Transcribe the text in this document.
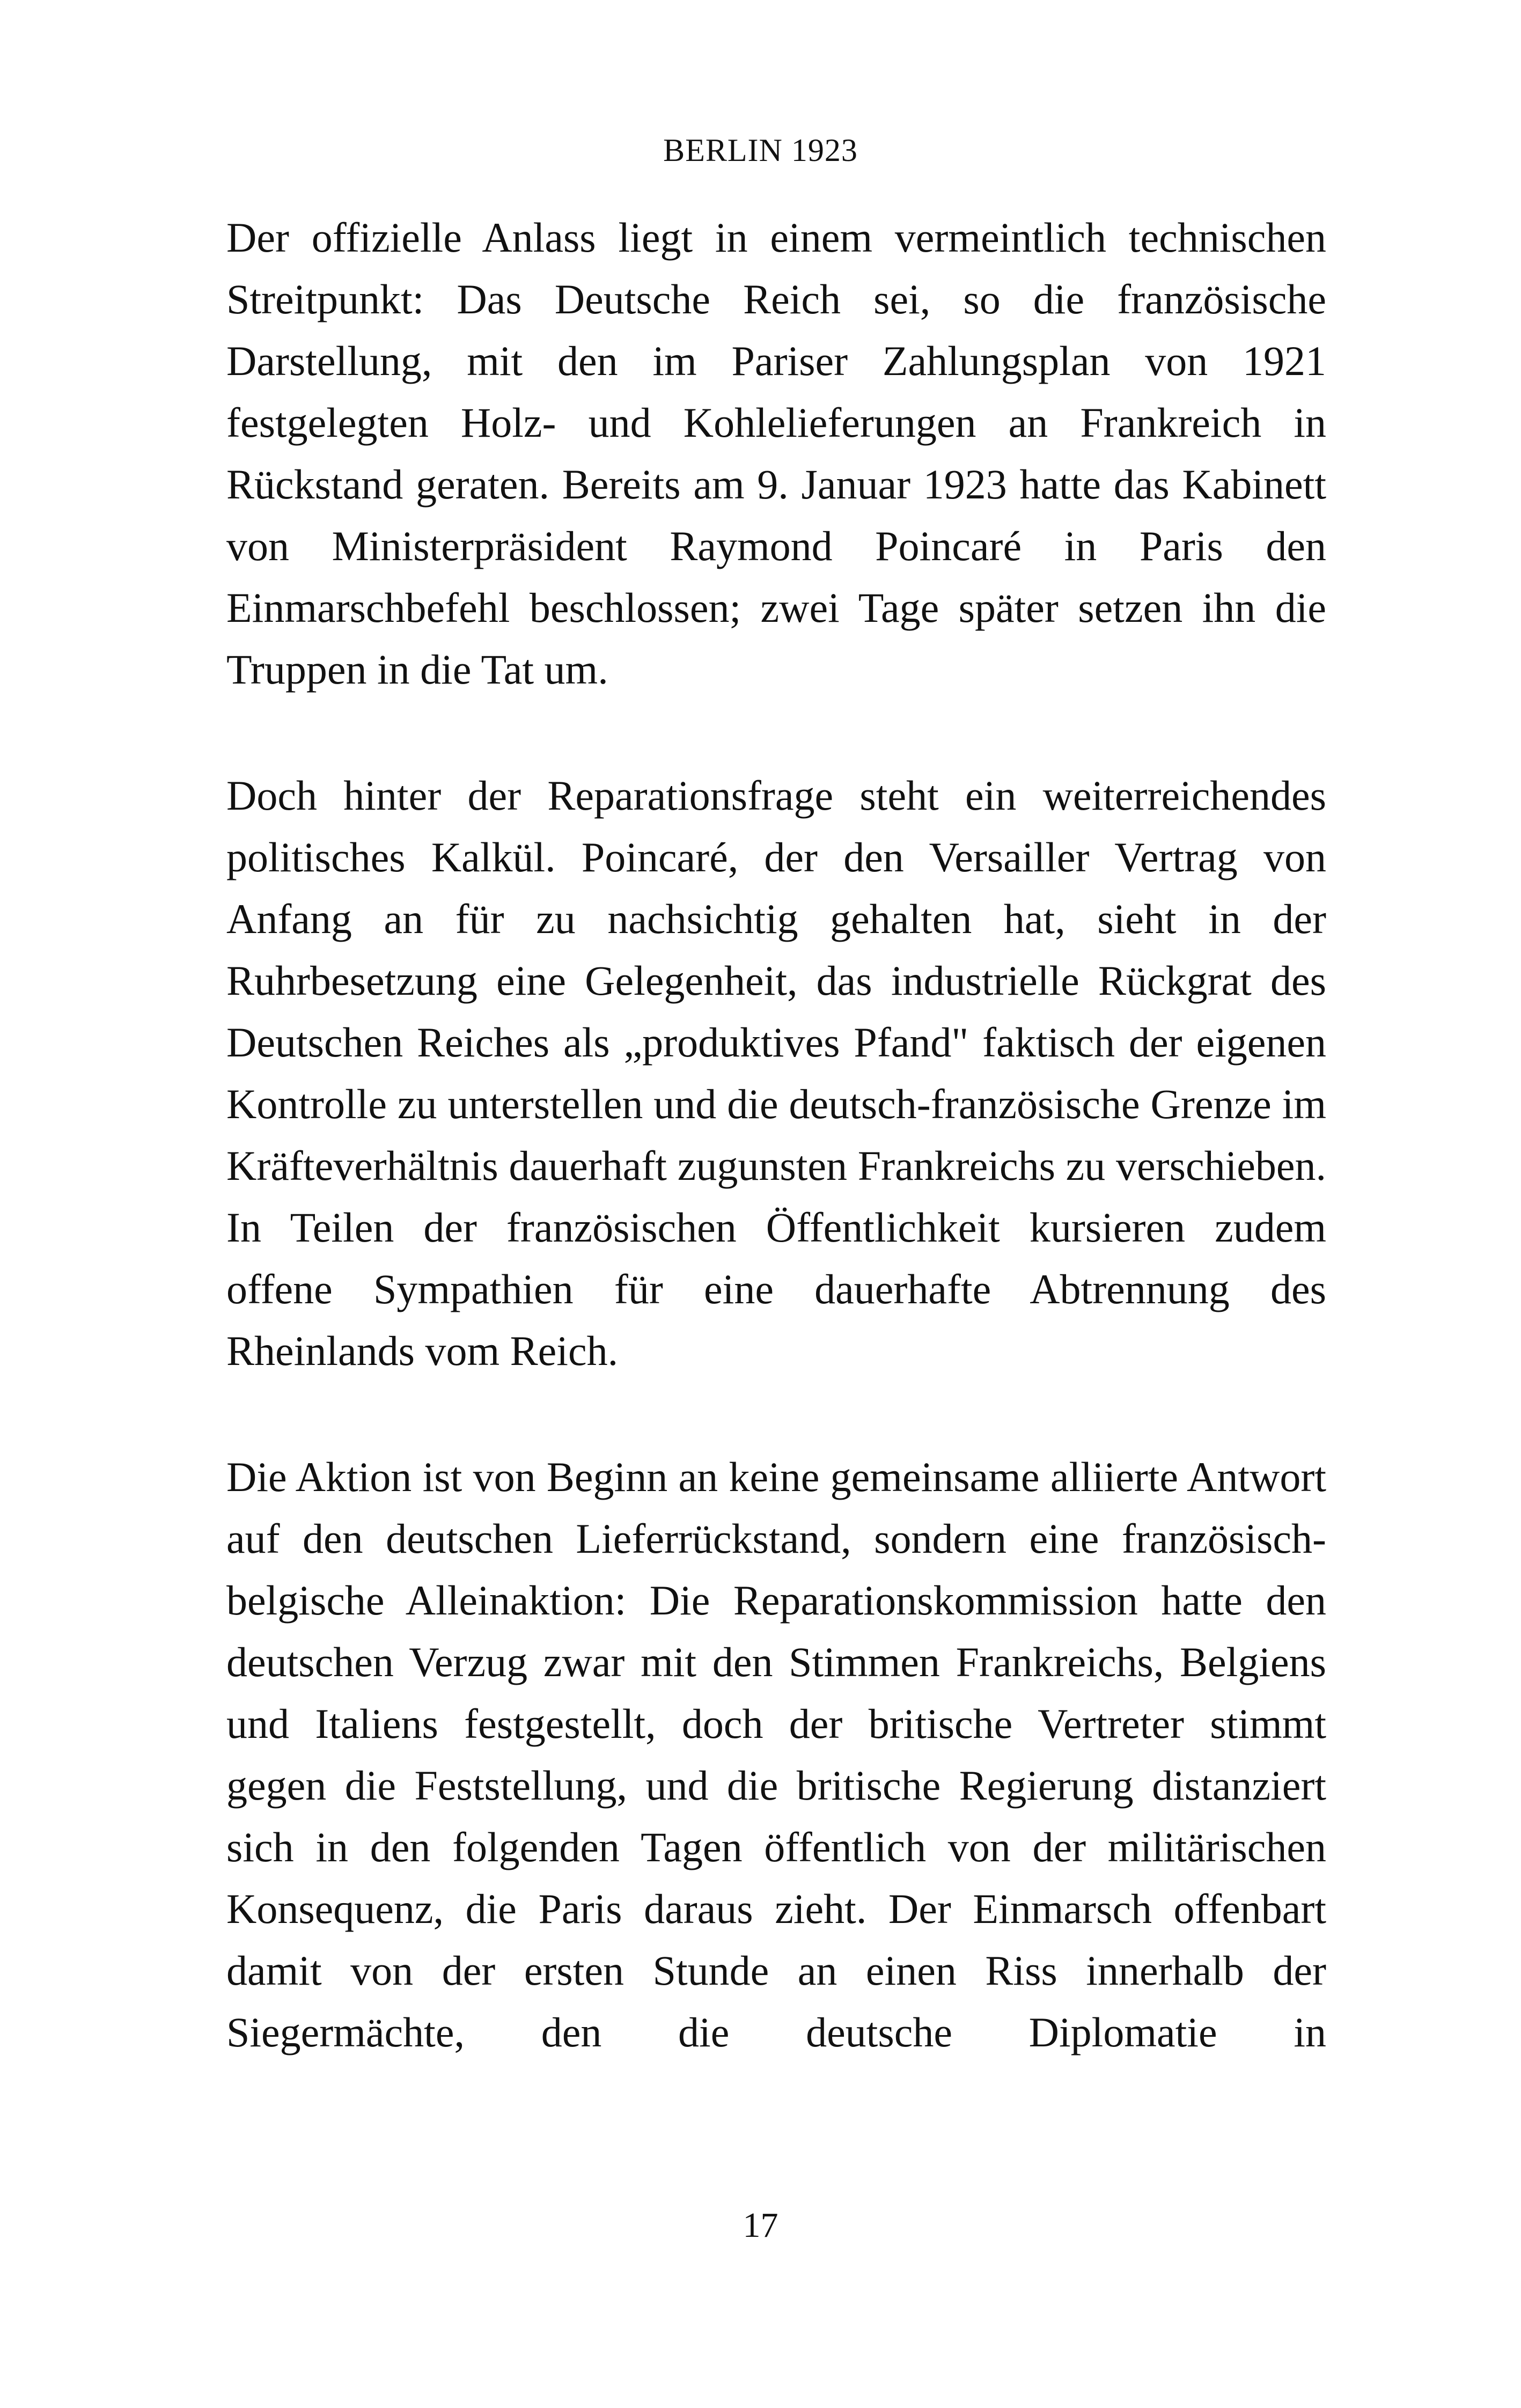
BERLIN 1923

Der offizielle Anlass liegt in einem vermeintlich technischen Streitpunkt: Das Deutsche Reich sei, so die französische Darstellung, mit den im Pariser Zahlungsplan von 1921 festgelegten Holz- und Kohlelieferungen an Frankreich in Rückstand geraten. Bereits am 9. Januar 1923 hatte das Kabinett von Ministerpräsident Raymond Poincaré in Paris den Einmarschbefehl beschlossen; zwei Tage später setzen ihn die Truppen in die Tat um.

Doch hinter der Reparationsfrage steht ein weiterreichendes politisches Kalkül. Poincaré, der den Versailler Vertrag von Anfang an für zu nachsichtig gehalten hat, sieht in der Ruhrbesetzung eine Gelegenheit, das industrielle Rückgrat des Deutschen Reiches als „produktives Pfand" faktisch der eigenen Kontrolle zu unterstellen und die deutsch-französische Grenze im Kräfteverhältnis dauerhaft zugunsten Frankreichs zu verschieben. In Teilen der französischen Öffentlichkeit kursieren zudem offene Sympathien für eine dauerhafte Abtrennung des Rheinlands vom Reich.

Die Aktion ist von Beginn an keine gemeinsame alliierte Antwort auf den deutschen Lieferrückstand, sondern eine französisch-belgische Alleinaktion: Die Reparationskommission hatte den deutschen Verzug zwar mit den Stimmen Frankreichs, Belgiens und Italiens festgestellt, doch der britische Vertreter stimmt gegen die Feststellung, und die britische Regierung distanziert sich in den folgenden Tagen öffentlich von der militärischen Konsequenz, die Paris daraus zieht. Der Einmarsch offenbart damit von der ersten Stunde an einen Riss innerhalb der Siegermächte, den die deutsche Diplomatie in

17
